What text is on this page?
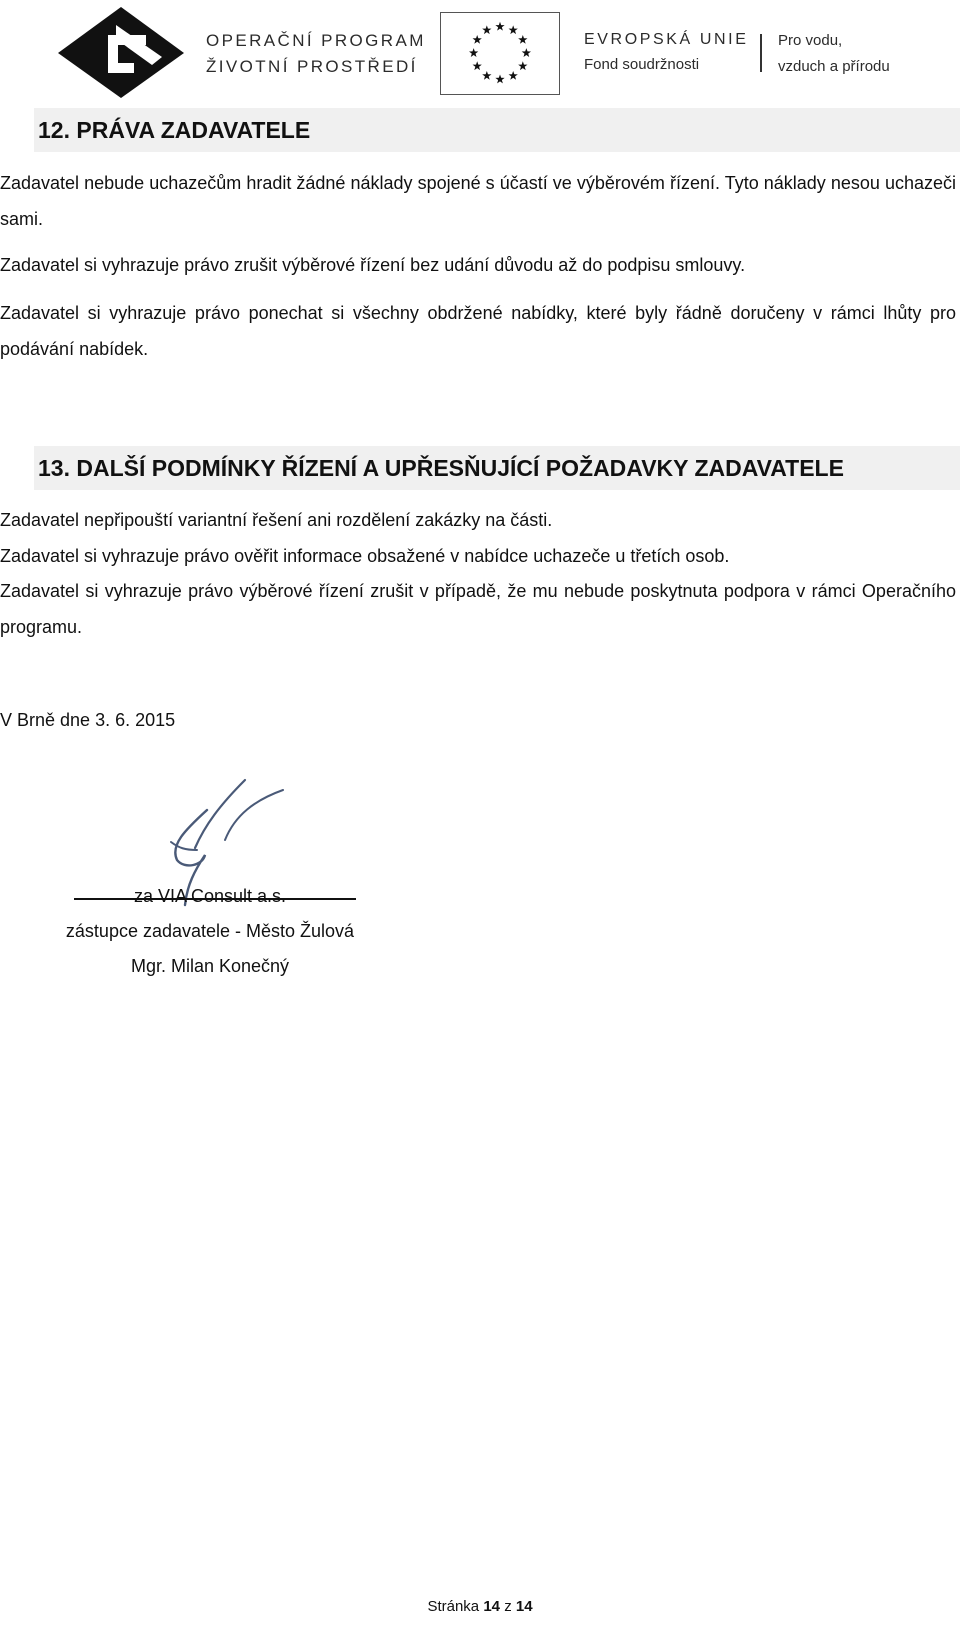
OPERAČNÍ PROGRAM
ŽIVOTNÍ PROSTŘEDÍ
EVROPSKÁ UNIE
Fond soudržnosti
Pro vodu,
vzduch a přírodu
12. PRÁVA ZADAVATELE
Zadavatel nebude uchazečům hradit žádné náklady spojené s účastí ve výběrovém řízení. Tyto náklady nesou uchazeči sami.
Zadavatel si vyhrazuje právo zrušit výběrové řízení bez udání důvodu až do podpisu smlouvy.
Zadavatel si vyhrazuje právo ponechat si všechny obdržené nabídky, které byly řádně doručeny v rámci lhůty pro podávání nabídek.
13. DALŠÍ PODMÍNKY ŘÍZENÍ A UPŘESŇUJÍCÍ POŽADAVKY ZADAVATELE
Zadavatel nepřipouští variantní řešení ani rozdělení zakázky na části.
Zadavatel si vyhrazuje právo ověřit informace obsažené v nabídce uchazeče u třetích osob.
Zadavatel si vyhrazuje právo výběrové řízení zrušit v případě, že mu nebude poskytnuta podpora v rámci Operačního programu.
V Brně dne 3. 6. 2015
za VIA Consult a.s.
zástupce zadavatele - Město Žulová
Mgr. Milan Konečný
Stránka 14 z 14
